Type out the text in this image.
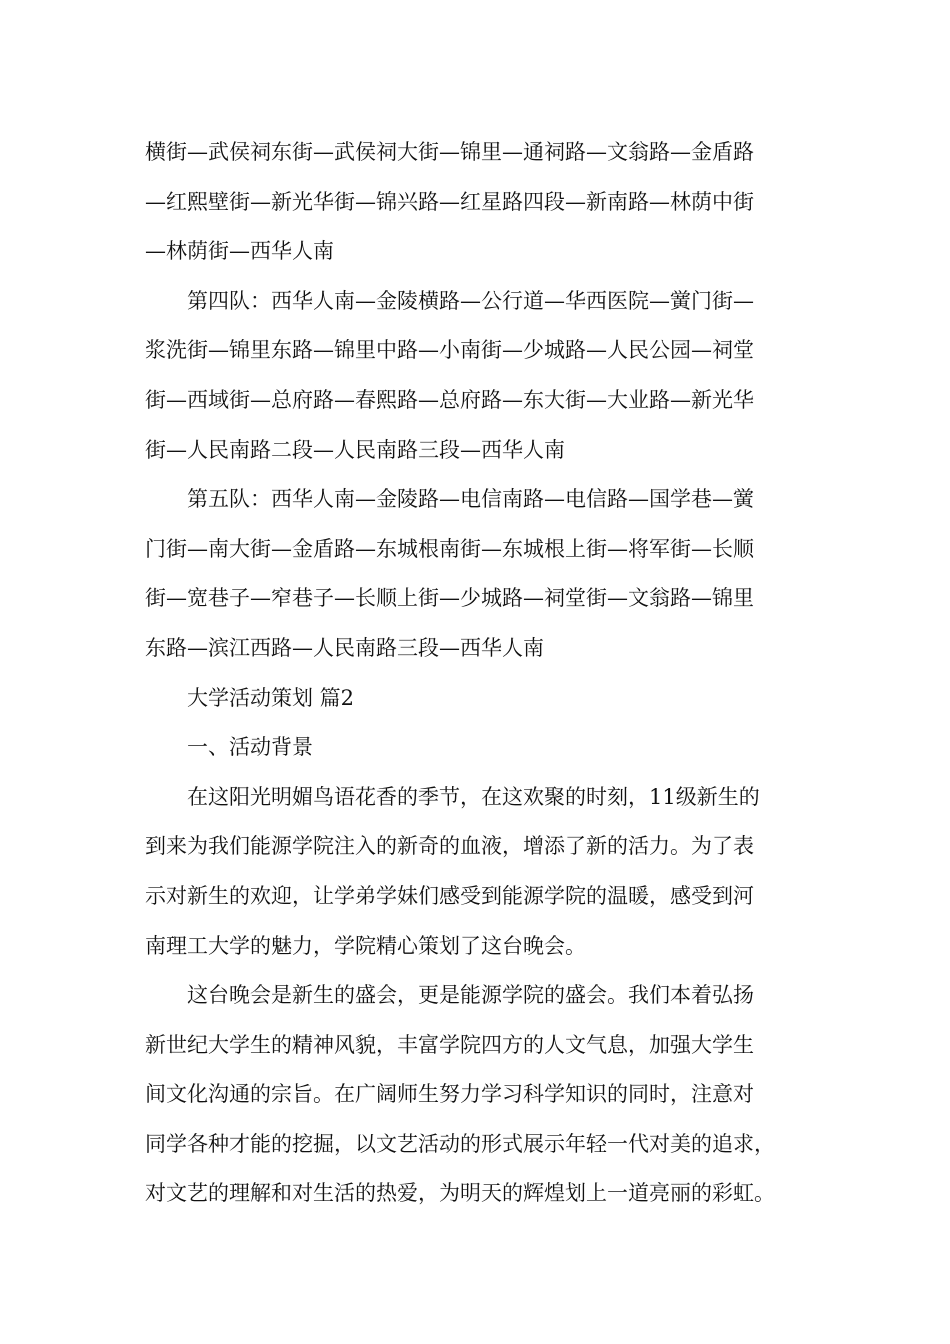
横街—武侯祠东街—武侯祠大街—锦里—通祠路—文翁路—金盾路
—红熙壁街—新光华街—锦兴路—红星路四段—新南路—林荫中街
—林荫街—西华人南

第四队：西华人南—金陵横路—公行道—华西医院—黉门街—
浆洗街—锦里东路—锦里中路—小南街—少城路—人民公园—祠堂
街—西域街—总府路—春熙路—总府路—东大街—大业路—新光华
街—人民南路二段—人民南路三段—西华人南

第五队：西华人南—金陵路—电信南路—电信路—国学巷—黉
门街—南大街—金盾路—东城根南街—东城根上街—将军街—长顺
街—宽巷子—窄巷子—长顺上街—少城路—祠堂街—文翁路—锦里
东路—滨江西路—人民南路三段—西华人南

大学活动策划 篇2

一、活动背景

在这阳光明媚鸟语花香的季节，在这欢聚的时刻，11级新生的
到来为我们能源学院注入的新奇的血液，增添了新的活力。为了表
示对新生的欢迎，让学弟学妹们感受到能源学院的温暖，感受到河
南理工大学的魅力，学院精心策划了这台晚会。

这台晚会是新生的盛会，更是能源学院的盛会。我们本着弘扬
新世纪大学生的精神风貌，丰富学院四方的人文气息，加强大学生
间文化沟通的宗旨。在广阔师生努力学习科学知识的同时，注意对
同学各种才能的挖掘，以文艺活动的形式展示年轻一代对美的追求，
对文艺的理解和对生活的热爱，为明天的辉煌划上一道亮丽的彩虹。
